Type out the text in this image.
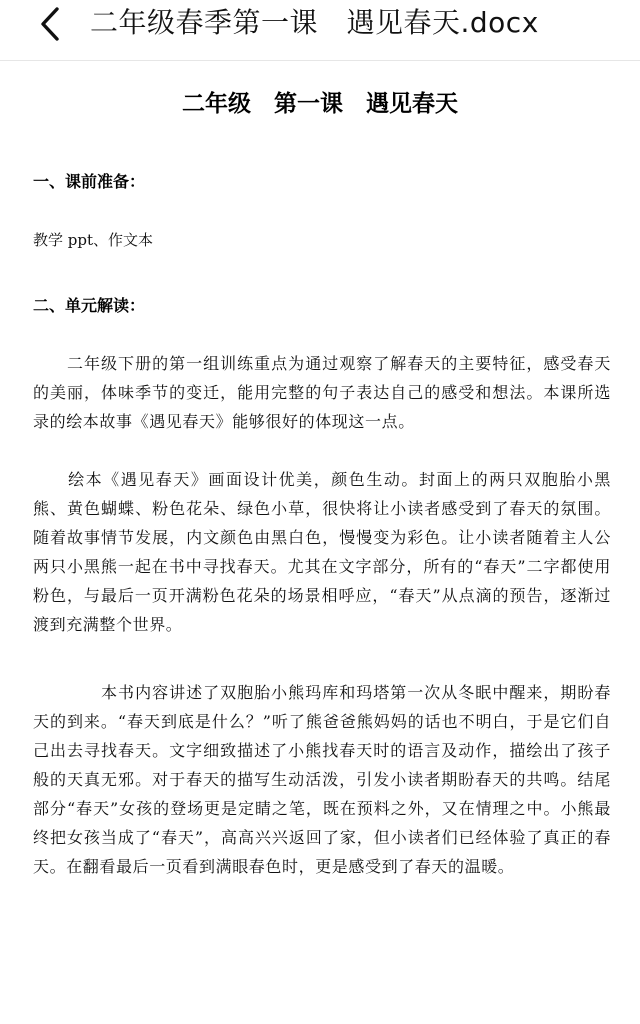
二年级春季第一课　遇见春天.docx
二年级　第一课　遇见春天
一、课前准备：
教学 ppt、作文本
二、单元解读：

　　二年级下册的第一组训练重点为通过观察了解春天的主要特征，感受春天的美丽，体味季节的变迁，能用完整的句子表达自己的感受和想法。本课所选录的绘本故事《遇见春天》能够很好的体现这一点。

　　绘本《遇见春天》画面设计优美，颜色生动。封面上的两只双胞胎小黑熊、黄色蝴蝶、粉色花朵、绿色小草，很快将让小读者感受到了春天的氛围。随着故事情节发展，内文颜色由黑白色，慢慢变为彩色。让小读者随着主人公两只小黑熊一起在书中寻找春天。尤其在文字部分，所有的“春天”二字都使用粉色，与最后一页开满粉色花朵的场景相呼应，“春天”从点滴的预告，逐渐过渡到充满整个世界。

　　　　本书内容讲述了双胞胎小熊玛库和玛塔第一次从冬眠中醒来，期盼春天的到来。“春天到底是什么？”听了熊爸爸熊妈妈的话也不明白，于是它们自己出去寻找春天。文字细致描述了小熊找春天时的语言及动作，描绘出了孩子般的天真无邪。对于春天的描写生动活泼，引发小读者期盼春天的共鸣。结尾部分“春天”女孩的登场更是定睛之笔，既在预料之外，又在情理之中。小熊最终把女孩当成了“春天”，高高兴兴返回了家，但小读者们已经体验了真正的春天。在翻看最后一页看到满眼春色时，更是感受到了春天的温暖。
